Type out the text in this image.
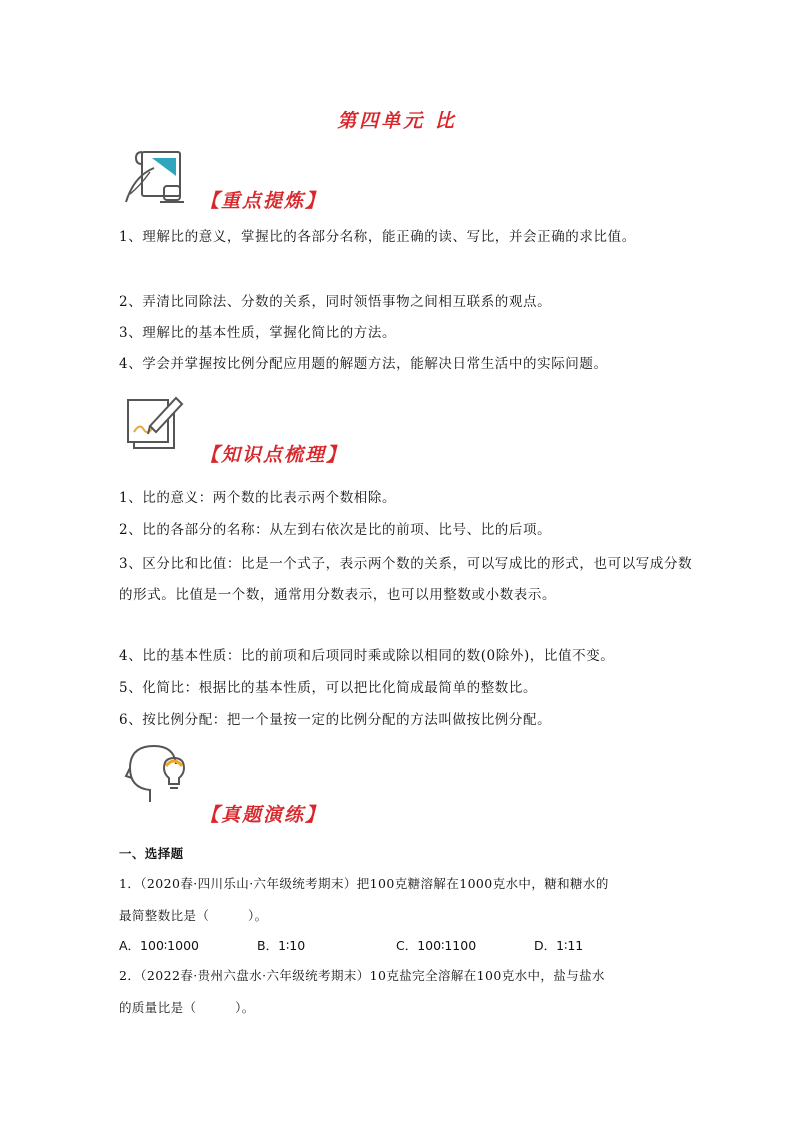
第四单元 比
【重点提炼】

1、理解比的意义，掌握比的各部分名称，能正确的读、写比，并会正确的求比值。

2、弄清比同除法、分数的关系，同时领悟事物之间相互联系的观点。

3、理解比的基本性质，掌握化简比的方法。

4、学会并掌握按比例分配应用题的解题方法，能解决日常生活中的实际问题。

【知识点梳理】

1、比的意义：两个数的比表示两个数相除。

2、比的各部分的名称：从左到右依次是比的前项、比号、比的后项。

3、区分比和比值：比是一个式子，表示两个数的关系，可以写成比的形式，也可以写成分数的形式。比值是一个数，通常用分数表示，也可以用整数或小数表示。

4、比的基本性质：比的前项和后项同时乘或除以相同的数(0除外)，比值不变。

5、化简比：根据比的基本性质，可以把比化简成最简单的整数比。

6、按比例分配：把一个量按一定的比例分配的方法叫做按比例分配。

【真题演练】
一、选择题

1．（2020春·四川乐山·六年级统考期末）把100克糖溶解在1000克水中，糖和糖水的

最简整数比是（　　　）。

A．100∶1000	B．1∶10	C．100∶1100	D．1∶11

2．（2022春·贵州六盘水·六年级统考期末）10克盐完全溶解在100克水中，盐与盐水

的质量比是（　　　）。
